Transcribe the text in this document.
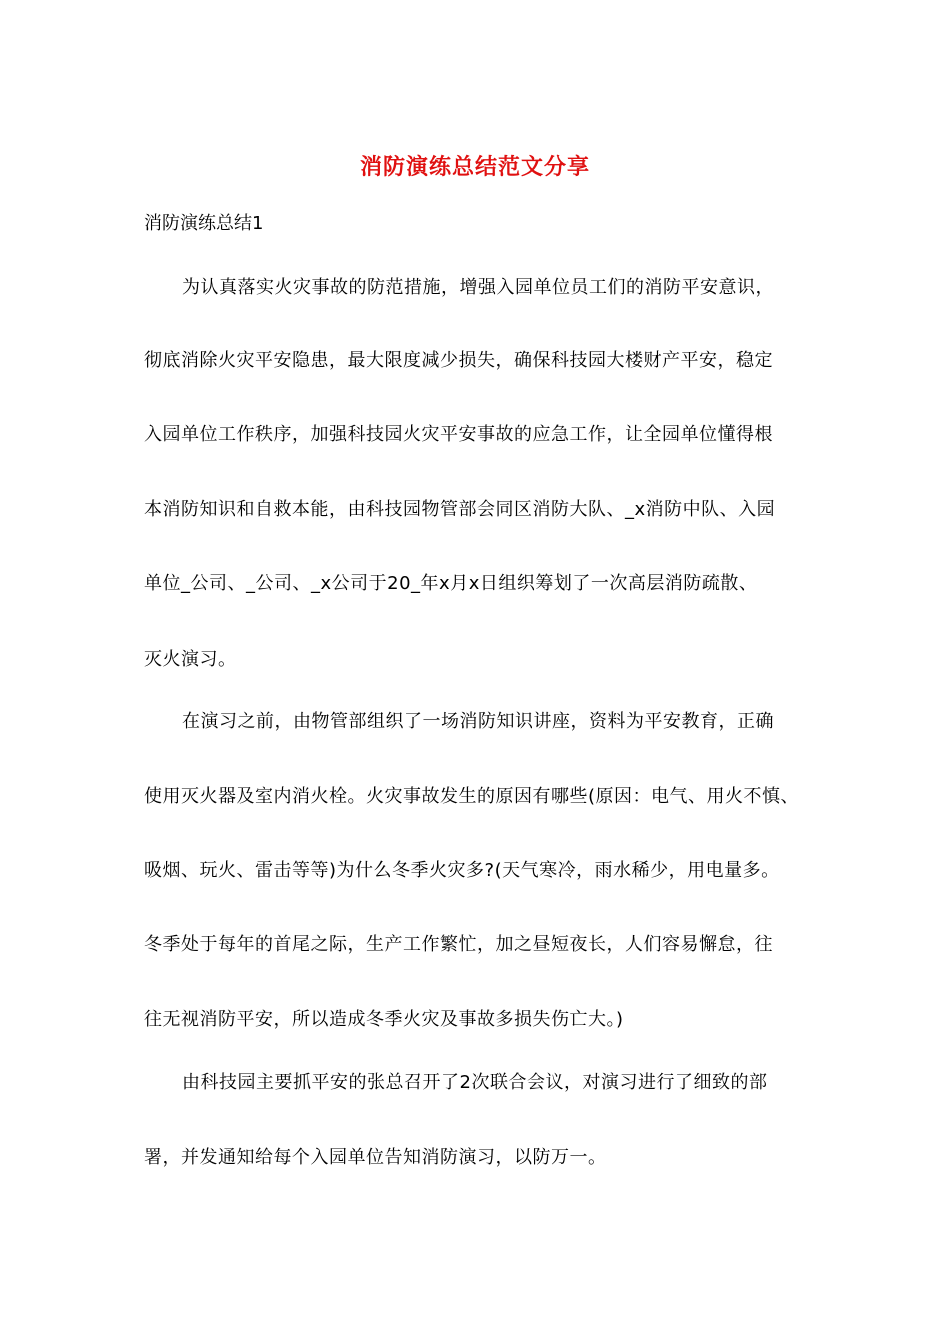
消防演练总结范文分享
消防演练总结1
为认真落实火灾事故的防范措施，增强入园单位员工们的消防平安意识，
彻底消除火灾平安隐患，最大限度减少损失，确保科技园大楼财产平安，稳定
入园单位工作秩序，加强科技园火灾平安事故的应急工作，让全园单位懂得根
本消防知识和自救本能，由科技园物管部会同区消防大队、_x消防中队、入园
单位_公司、_公司、_x公司于20_年x月x日组织筹划了一次高层消防疏散、
灭火演习。
在演习之前，由物管部组织了一场消防知识讲座，资料为平安教育，正确
使用灭火器及室内消火栓。火灾事故发生的原因有哪些(原因：电气、用火不慎、
吸烟、玩火、雷击等等)为什么冬季火灾多?(天气寒冷，雨水稀少，用电量多。
冬季处于每年的首尾之际，生产工作繁忙，加之昼短夜长，人们容易懈怠，往
往无视消防平安，所以造成冬季火灾及事故多损失伤亡大。)
由科技园主要抓平安的张总召开了2次联合会议，对演习进行了细致的部
署，并发通知给每个入园单位告知消防演习，以防万一。
